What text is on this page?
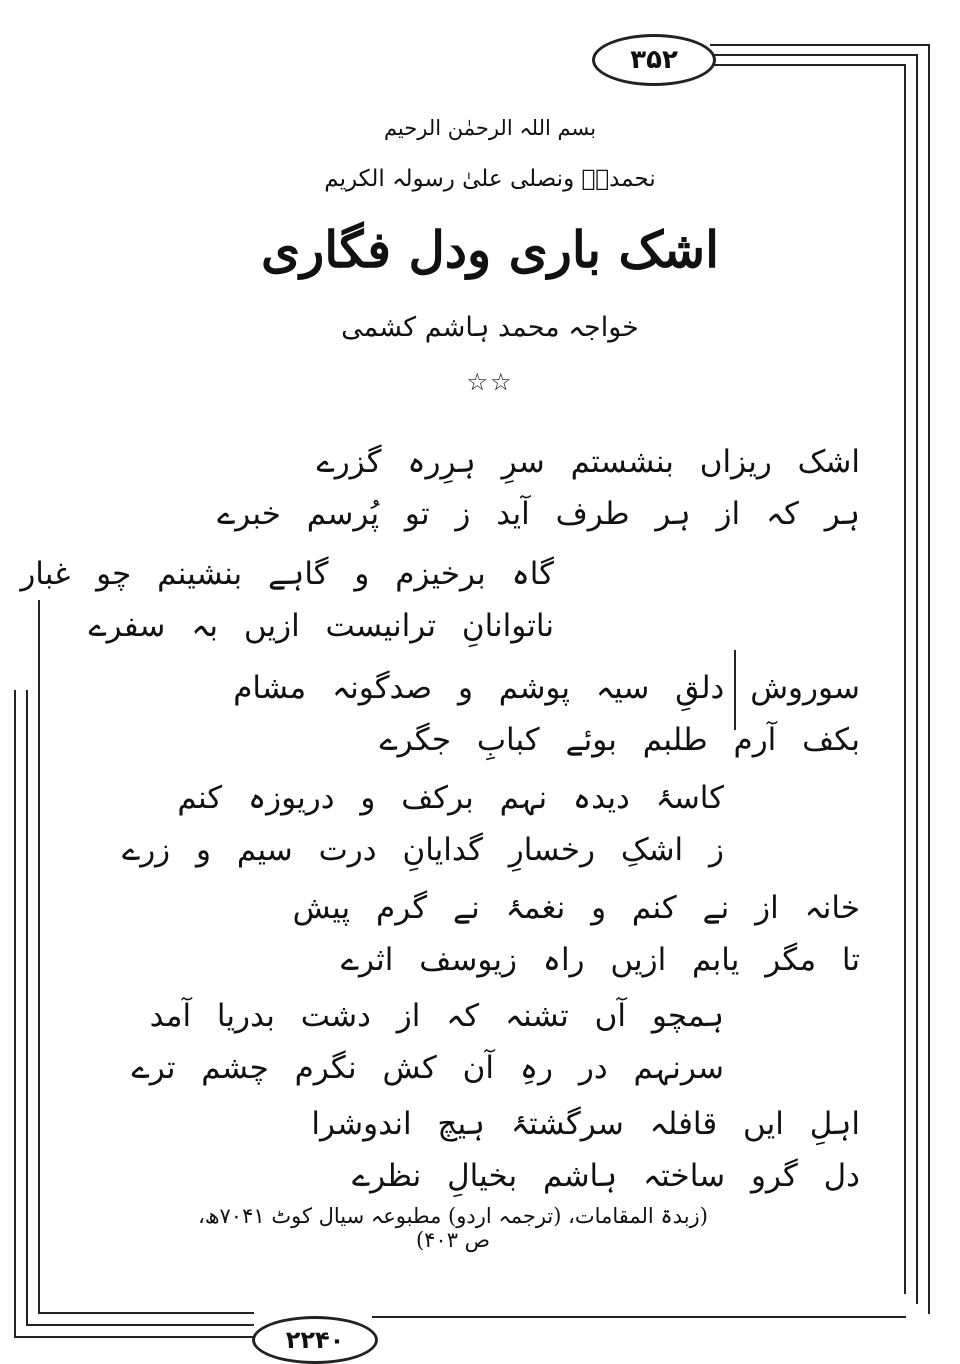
۳۵۲
۲۲۴۰
بسم اللہ الرحمٰن الرحیم
نحمدہٗ ونصلی علیٰ رسولہ الکریم
اشک باری ودل فگاری
خواجہ محمد ہاشم کشمی
☆☆
اشک ریزاں بنشستم سرِ ہرِرہ گزرے
ہر کہ از ہر طرف آید ز تو پُرسم خبرے
گاہ برخیزم و گاہے بنشینم چو غبار
ناتوانانِ ترانیست ازیں بہ سفرے
سوروش دلقِ سیہ پوشم و صدگونہ مشام
بکف آرم طلبم بوئے کبابِ جگرے
کاسۂ دیدہ نہم برکف و دریوزہ کنم
ز اشکِ رخسارِ گدایانِ درت سیم و زرے
خانہ از نے کنم و نغمۂ نے گرم پیش
تا مگر یابم ازیں راہ زیوسف اثرے
ہمچو آں تشنہ کہ از دشت بدریا آمد
سرنہم در رہِ آن کش نگرم چشم ترے
اہلِ ایں قافلہ سرگشتۂ ہیچ اندوشرا
دل گرو ساختہ ہاشم بخیالِ نظرے
(زبدۃ المقامات، (ترجمہ اردو) مطبوعہ سیال کوٹ ۷۰۴۱ھ، ص ۴۰۳)
